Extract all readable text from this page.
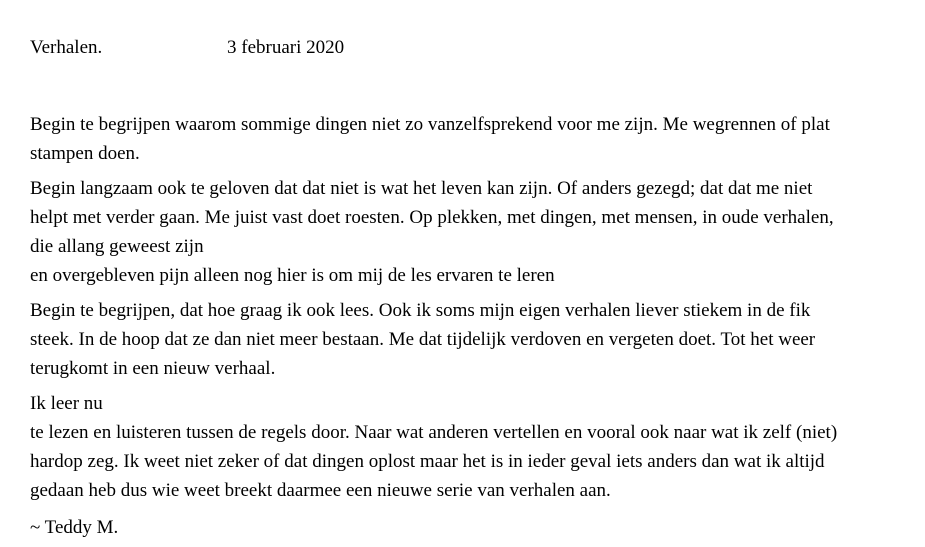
Verhalen.	3 februari 2020

Begin te begrijpen waarom sommige dingen niet zo vanzelfsprekend voor me zijn. Me wegrennen of plat
stampen doen.

Begin langzaam ook te geloven dat dat niet is wat het leven kan zijn. Of anders gezegd; dat dat me niet
helpt met verder gaan. Me juist vast doet roesten. Op plekken, met dingen, met mensen, in oude verhalen,
die allang geweest zijn
en overgebleven pijn alleen nog hier is om mij de les ervaren te leren

Begin te begrijpen, dat hoe graag ik ook lees. Ook ik soms mijn eigen verhalen liever stiekem in de fik
steek. In de hoop dat ze dan niet meer bestaan. Me dat tijdelijk verdoven en vergeten doet. Tot het weer
terugkomt in een nieuw verhaal.

Ik leer nu
te lezen en luisteren tussen de regels door. Naar wat anderen vertellen en vooral ook naar wat ik zelf (niet)
hardop zeg. Ik weet niet zeker of dat dingen oplost maar het is in ieder geval iets anders dan wat ik altijd
gedaan heb dus wie weet breekt daarmee een nieuwe serie van verhalen aan.

~ Teddy M.
